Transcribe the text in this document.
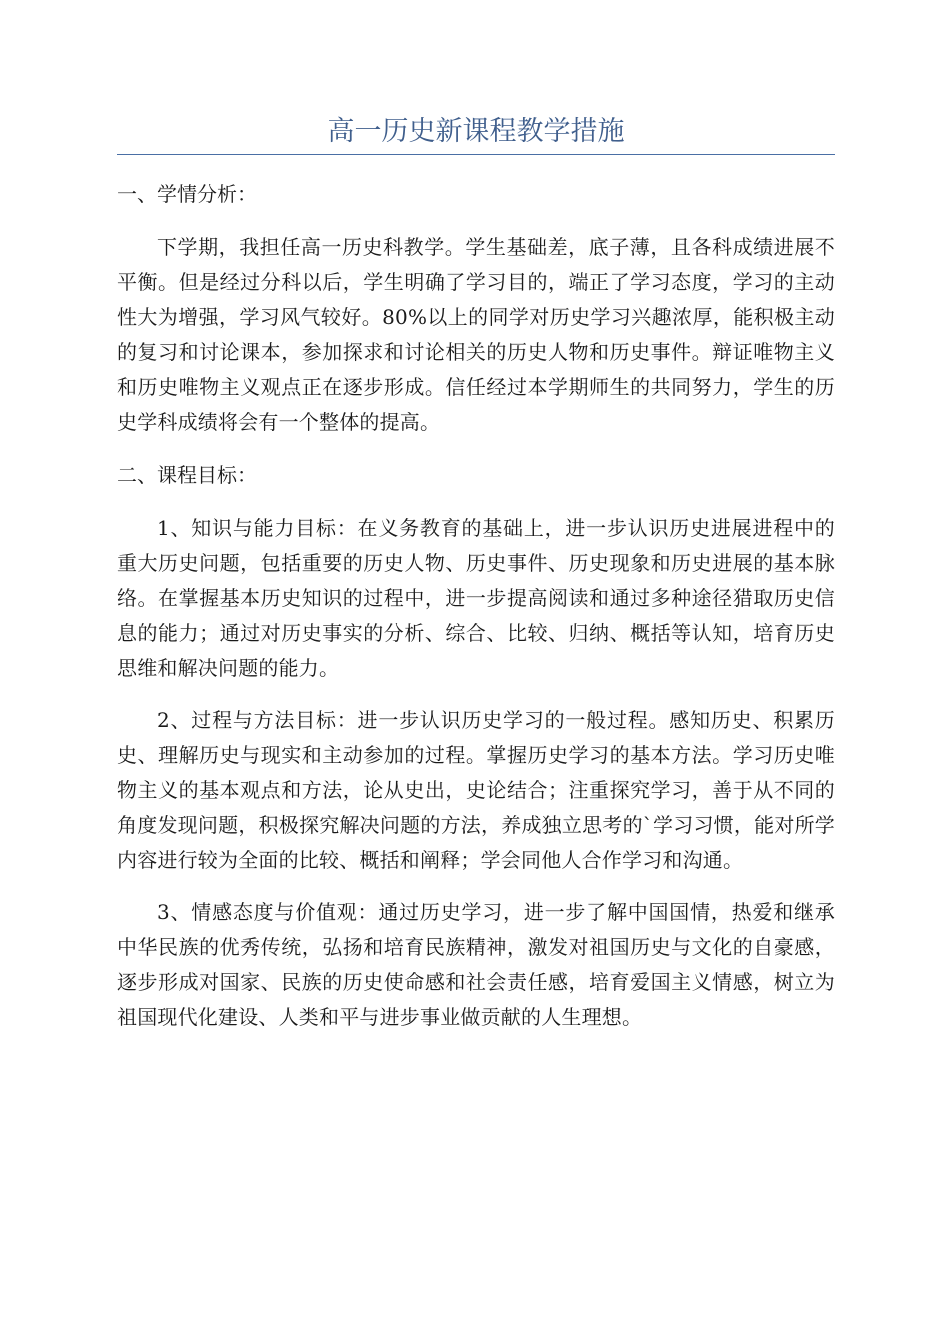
高一历史新课程教学措施

一、学情分析：

下学期，我担任高一历史科教学。学生基础差，底子薄，且各科成绩进展不平衡。但是经过分科以后，学生明确了学习目的，端正了学习态度，学习的主动性大为增强，学习风气较好。80%以上的同学对历史学习兴趣浓厚，能积极主动的复习和讨论课本，参加探求和讨论相关的历史人物和历史事件。辩证唯物主义和历史唯物主义观点正在逐步形成。信任经过本学期师生的共同努力，学生的历史学科成绩将会有一个整体的提高。

二、课程目标：

1、知识与能力目标：在义务教育的基础上，进一步认识历史进展进程中的重大历史问题，包括重要的历史人物、历史事件、历史现象和历史进展的基本脉络。在掌握基本历史知识的过程中，进一步提高阅读和通过多种途径猎取历史信息的能力；通过对历史事实的分析、综合、比较、归纳、概括等认知，培育历史思维和解决问题的能力。

2、过程与方法目标：进一步认识历史学习的一般过程。感知历史、积累历史、理解历史与现实和主动参加的过程。掌握历史学习的基本方法。学习历史唯物主义的基本观点和方法，论从史出，史论结合；注重探究学习，善于从不同的角度发现问题，积极探究解决问题的方法，养成独立思考的`学习习惯，能对所学内容进行较为全面的比较、概括和阐释；学会同他人合作学习和沟通。

3、情感态度与价值观：通过历史学习，进一步了解中国国情，热爱和继承中华民族的优秀传统，弘扬和培育民族精神，激发对祖国历史与文化的自豪感，逐步形成对国家、民族的历史使命感和社会责任感，培育爱国主义情感，树立为祖国现代化建设、人类和平与进步事业做贡献的人生理想。
